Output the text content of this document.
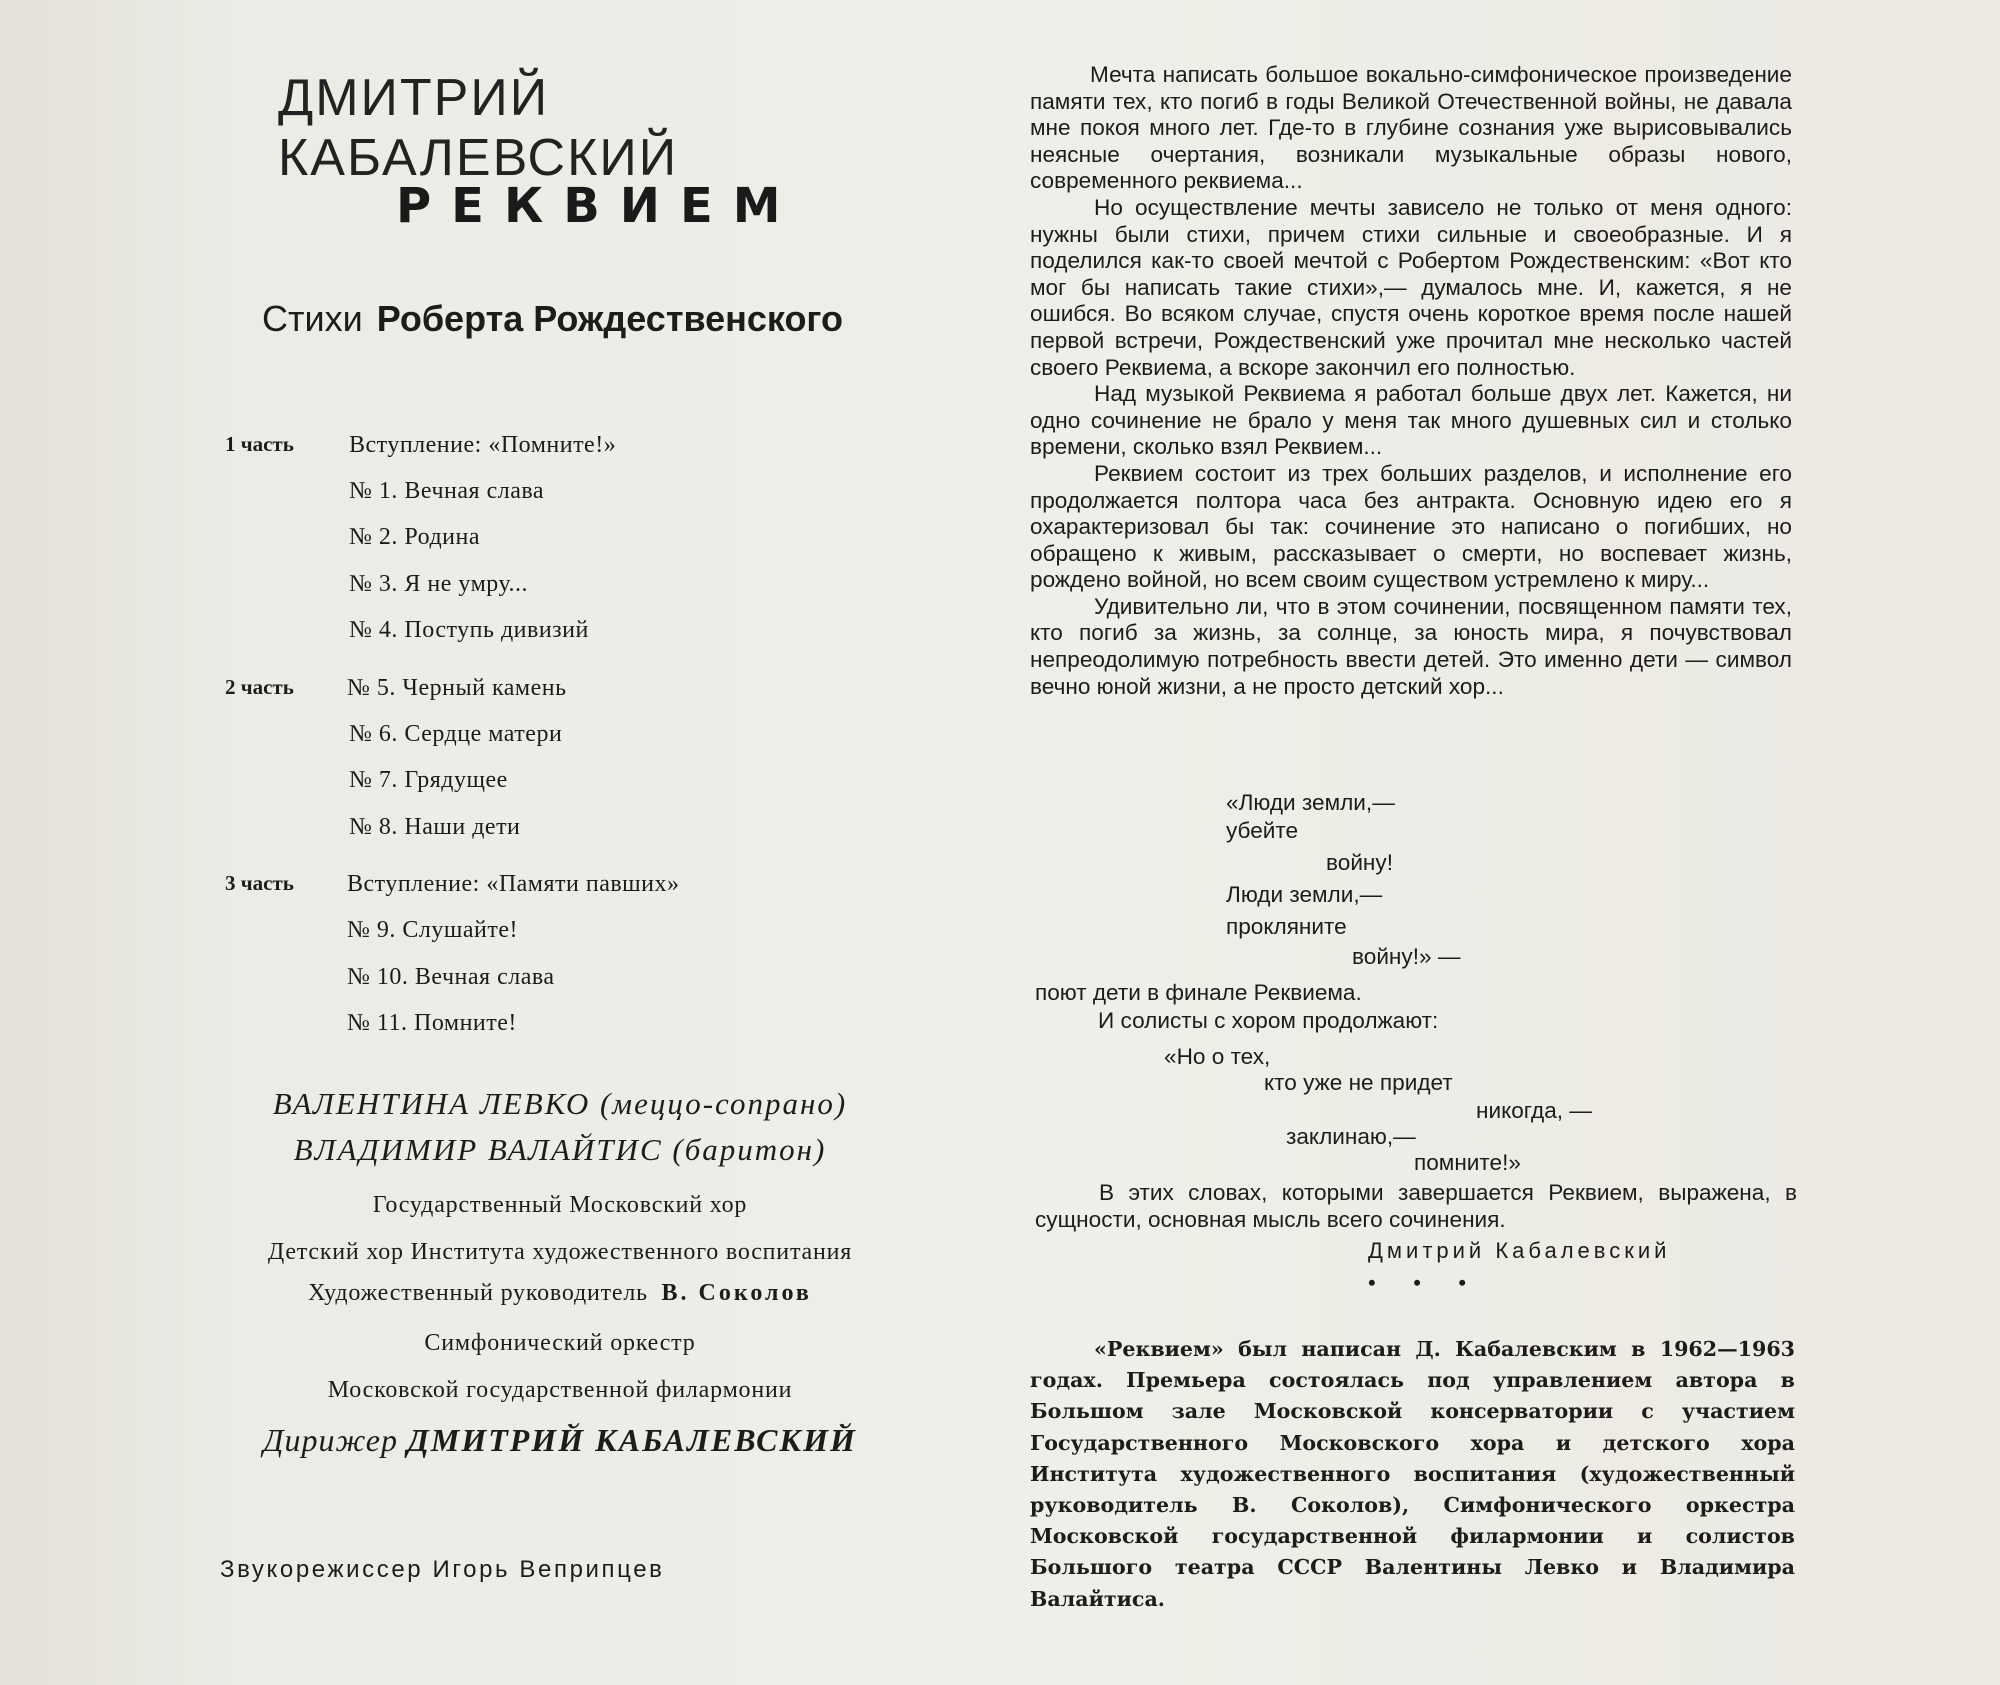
ДМИТРИЙ КАБАЛЕВСКИЙ
РЕКВИЕМ
Стихи Роберта Рождественского
1 часть Вступление: «Помните!»
№ 1. Вечная слава
№ 2. Родина
№ 3. Я не умру...
№ 4. Поступь дивизий
2 часть № 5. Черный камень
№ 6. Сердце матери
№ 7. Грядущее
№ 8. Наши дети
3 часть Вступление: «Памяти павших»
№ 9. Слушайте!
№ 10. Вечная слава
№ 11. Помните!
ВАЛЕНТИНА ЛЕВКО (меццо-сопрано)
ВЛАДИМИР ВАЛАЙТИС (баритон)
Государственный Московский хор
Детский хор Института художественного воспитания
Художественный руководитель В. Соколов
Симфонический оркестр
Московской государственной филармонии
Дирижер ДМИТРИЙ КАБАЛЕВСКИЙ
Звукорежиссер Игорь Веприпцев

Мечта написать большое вокально-симфоническое произведение памяти тех, кто погиб в годы Великой Отечественной войны, не давала мне покоя много лет. Где-то в глубине сознания уже вырисовывались неясные очертания, возникали музыкальные образы нового, современного реквиема...

Но осуществление мечты зависело не только от меня одного: нужны были стихи, причем стихи сильные и своеобразные. И я поделился как-то своей мечтой с Робертом Рождественским: «Вот кто мог бы написать такие стихи»,— думалось мне. И, кажется, я не ошибся. Во всяком случае, спустя очень короткое время после нашей первой встречи, Рождественский уже прочитал мне несколько частей своего Реквиема, а вскоре закончил его полностью.

Над музыкой Реквиема я работал больше двух лет. Кажется, ни одно сочинение не брало у меня так много душевных сил и столько времени, сколько взял Реквием...

Реквием состоит из трех больших разделов, и исполнение его продолжается полтора часа без антракта. Основную идею его я охарактеризовал бы так: сочинение это написано о погибших, но обращено к живым, рассказывает о смерти, но воспевает жизнь, рождено войной, но всем своим существом устремлено к миру...

Удивительно ли, что в этом сочинении, посвященном памяти тех, кто погиб за жизнь, за солнце, за юность мира, я почувствовал непреодолимую потребность ввести детей. Это именно дети — символ вечно юной жизни, а не просто детский хор...

«Люди земли,—
убейте
войну!
Люди земли,—
прокляните
войну!» —
поют дети в финале Реквиема.
И солисты с хором продолжают:
«Но о тех,
кто уже не придет
никогда, —
заклинаю,—
помните!»
В этих словах, которыми завершается Реквием, выражена, в сущности, основная мысль всего сочинения.
Дмитрий Кабалевский
• • •
«Реквием» был написан Д. Кабалевским в 1962—1963 годах. Премьера состоялась под управлением автора в Большом зале Московской консерватории с участием Государственного Московского хора и детского хора Института художественного воспитания (художественный руководитель В. Соколов), Симфонического оркестра Московской государственной филармонии и солистов Большого театра СССР Валентины Левко и Владимира Валайтиса.
